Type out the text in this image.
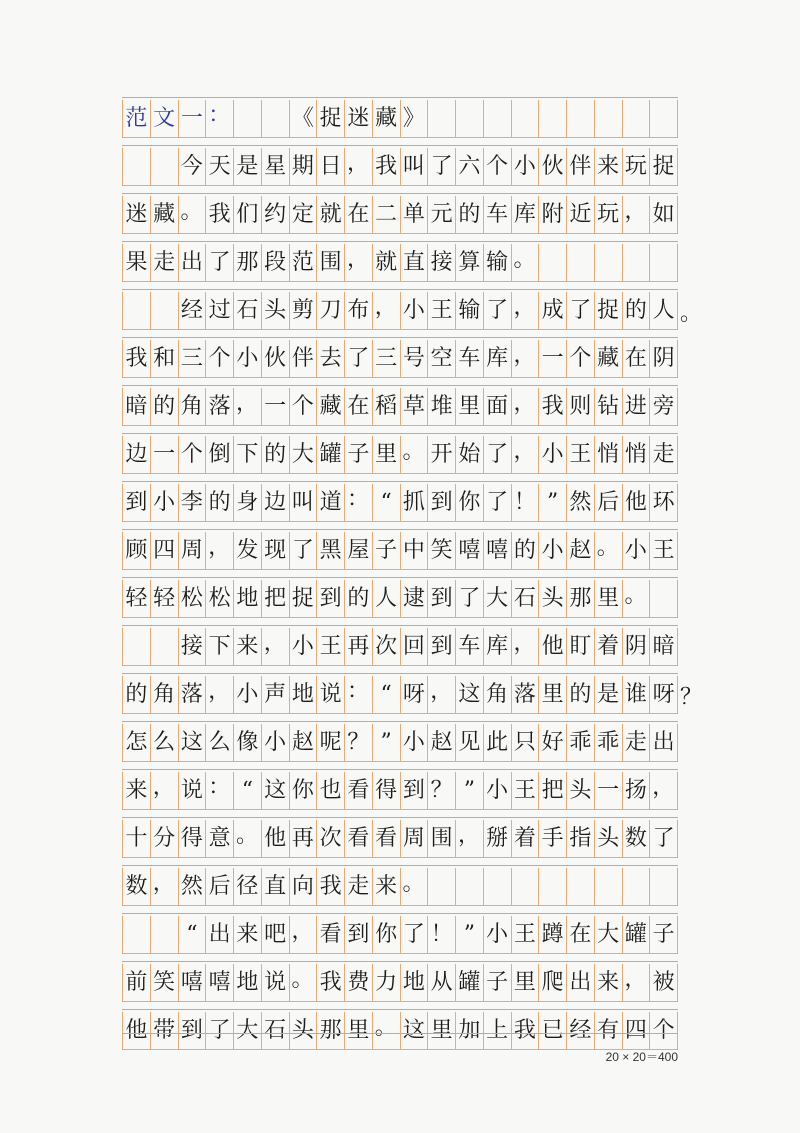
范 文 一 ：	《 捉 迷 藏 》
今 天 是 星 期 日 ， 我 叫 了 六 个 小 伙 伴 来 玩 捉
迷 藏 。 我 们 约 定 就 在 二 单 元 的 车 库 附 近 玩 ， 如
果 走 出 了 那 段 范 围 ， 就 直 接 算 输 。
经 过 石 头 剪 刀 布 ， 小 王 输 了 ， 成 了 捉 的 人 。
我 和 三 个 小 伙 伴 去 了 三 号 空 车 库 ， 一 个 藏 在 阴
暗 的 角 落 ， 一 个 藏 在 稻 草 堆 里 面 ， 我 则 钻 进 旁
边 一 个 倒 下 的 大 罐 子 里 。 开 始 了 ， 小 王 悄 悄 走
到 小 李 的 身 边 叫 道 ： “ 抓 到 你 了 ！ ” 然 后 他 环
顾 四 周 ， 发 现 了 黑 屋 子 中 笑 嘻 嘻 的 小 赵 。 小 王
轻 轻 松 松 地 把 捉 到 的 人 逮 到 了 大 石 头 那 里 。
接 下 来 ， 小 王 再 次 回 到 车 库 ， 他 盯 着 阴 暗
的 角 落 ， 小 声 地 说 ： “ 呀 ， 这 角 落 里 的 是 谁 呀 ？
怎 么 这 么 像 小 赵 呢 ？ ” 小 赵 见 此 只 好 乖 乖 走 出
来 ， 说 ： “ 这 你 也 看 得 到 ？ ” 小 王 把 头 一 扬 ，
十 分 得 意 。 他 再 次 看 看 周 围 ， 掰 着 手 指 头 数 了
数 ， 然 后 径 直 向 我 走 来 。
“ 出 来 吧 ， 看 到 你 了 ！ ” 小 王 蹲 在 大 罐 子
前 笑 嘻 嘻 地 说 。 我 费 力 地 从 罐 子 里 爬 出 来 ， 被
他 带 到 了 大 石 头 那 里 。 这 里 加 上 我 已 经 有 四 个
20 × 20＝400
